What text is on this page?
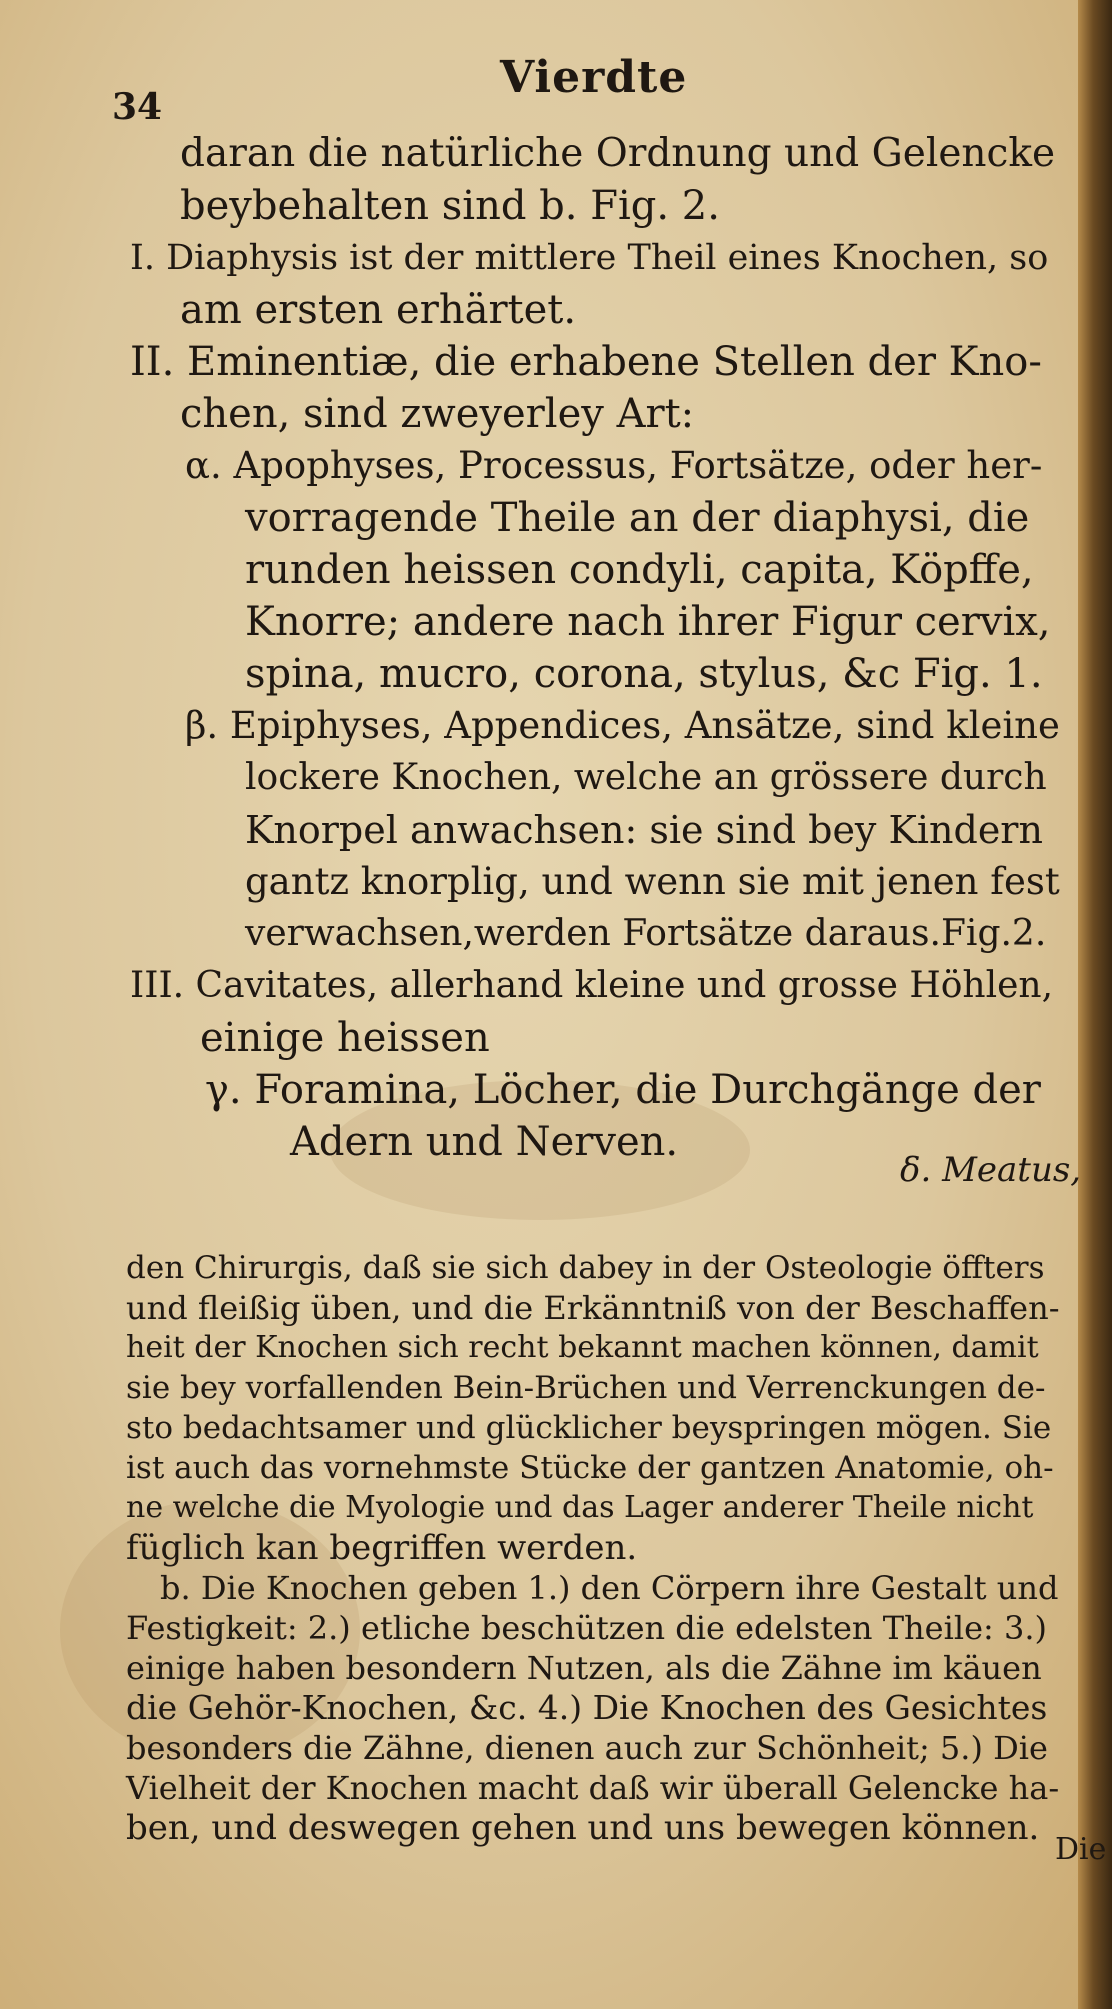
Vierdte
34
daran die natürliche Ordnung und Gelencke
beybehalten sind b. Fig. 2.
I. Diaphysis ist der mittlere Theil eines Knochen, so
am ersten erhärtet.
II. Eminentiæ, die erhabene Stellen der Kno-
chen, sind zweyerley Art:
α. Apophyses, Processus, Fortsätze, oder her-
vorragende Theile an der diaphysi, die
runden heissen condyli, capita, Köpffe,
Knorre; andere nach ihrer Figur cervix,
spina, mucro, corona, stylus, &c Fig. 1.
β. Epiphyses, Appendices, Ansätze, sind kleine
lockere Knochen, welche an grössere durch
Knorpel anwachsen: sie sind bey Kindern
gantz knorplig, und wenn sie mit jenen fest
verwachsen,werden Fortsätze daraus.Fig.2.
III. Cavitates, allerhand kleine und grosse Höhlen,
einige heissen
γ. Foramina, Löcher, die Durchgänge der
Adern und Nerven.
δ. Meatus,
den Chirurgis, daß sie sich dabey in der Osteologie öffters
und fleißig üben, und die Erkänntniß von der Beschaffen-
heit der Knochen sich recht bekannt machen können, damit
sie bey vorfallenden Bein-Brüchen und Verrenckungen de-
sto bedachtsamer und glücklicher beyspringen mögen. Sie
ist auch das vornehmste Stücke der gantzen Anatomie, oh-
ne welche die Myologie und das Lager anderer Theile nicht
füglich kan begriffen werden.
b. Die Knochen geben 1.) den Cörpern ihre Gestalt und
Festigkeit: 2.) etliche beschützen die edelsten Theile: 3.)
einige haben besondern Nutzen, als die Zähne im käuen
die Gehör-Knochen, &c. 4.) Die Knochen des Gesichtes
besonders die Zähne, dienen auch zur Schönheit; 5.) Die
Vielheit der Knochen macht daß wir überall Gelencke ha-
ben, und deswegen gehen und uns bewegen können.
Die
